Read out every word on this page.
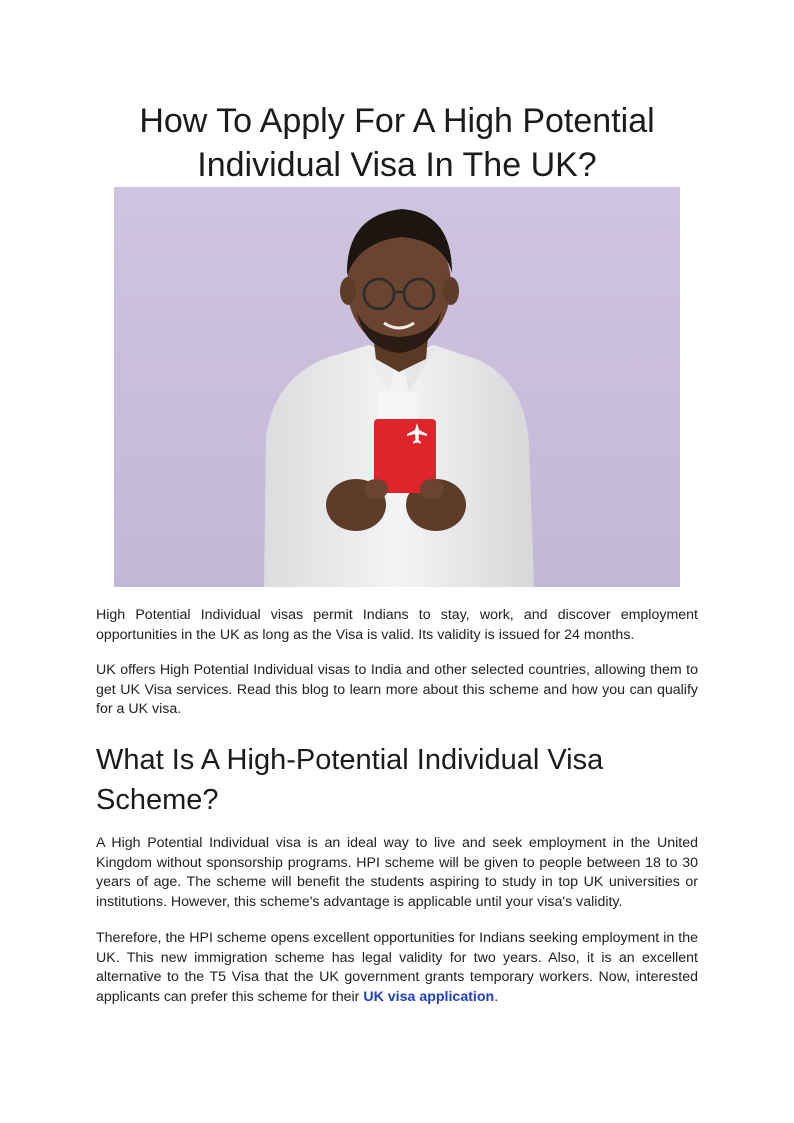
How To Apply For A High Potential Individual Visa In The UK?

High Potential Individual visas permit Indians to stay, work, and discover employment opportunities in the UK as long as the Visa is valid. Its validity is issued for 24 months.

UK offers High Potential Individual visas to India and other selected countries, allowing them to get UK Visa services. Read this blog to learn more about this scheme and how you can qualify for a UK visa.

What Is A High-Potential Individual Visa Scheme?

A High Potential Individual visa is an ideal way to live and seek employment in the United Kingdom without sponsorship programs. HPI scheme will be given to people between 18 to 30 years of age. The scheme will benefit the students aspiring to study in top UK universities or institutions. However, this scheme's advantage is applicable until your visa's validity.

Therefore, the HPI scheme opens excellent opportunities for Indians seeking employment in the UK. This new immigration scheme has legal validity for two years. Also, it is an excellent alternative to the T5 Visa that the UK government grants temporary workers. Now, interested applicants can prefer this scheme for their UK visa application.
